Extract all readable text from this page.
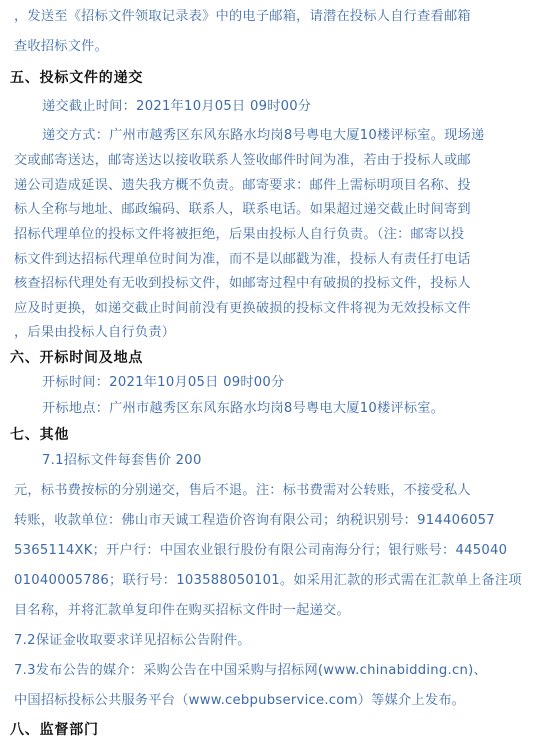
，发送至《招标文件领取记录表》中的电子邮箱，请潜在投标人自行查看邮箱
查收招标文件。
五、投标文件的递交
递交截止时间：2021年10月05日 09时00分
递交方式：广州市越秀区东风东路水均岗8号粤电大厦10楼评标室。现场递
交或邮寄送达，邮寄送达以接收联系人签收邮件时间为准，若由于投标人或邮
递公司造成延误、遗失我方概不负责。邮寄要求：邮件上需标明项目名称、投
标人全称与地址、邮政编码、联系人，联系电话。如果超过递交截止时间寄到
招标代理单位的投标文件将被拒绝，后果由投标人自行负责。（注：邮寄以投
标文件到达招标代理单位时间为准，而不是以邮戳为准，投标人有责任打电话
核查招标代理处有无收到投标文件，如邮寄过程中有破损的投标文件，投标人
应及时更换，如递交截止时间前没有更换破损的投标文件将视为无效投标文件
，后果由投标人自行负责）
六、开标时间及地点
开标时间：2021年10月05日 09时00分
开标地点：广州市越秀区东风东路水均岗8号粤电大厦10楼评标室。
七、其他
7.1招标文件每套售价 200
元，标书费按标的分别递交，售后不退。注：标书费需对公转账，不接受私人
转账，收款单位：佛山市天诚工程造价咨询有限公司；纳税识别号：914406057
5365114XK；开户行：中国农业银行股份有限公司南海分行；银行账号：445040
01040005786；联行号：103588050101。如采用汇款的形式需在汇款单上备注项
目名称，并将汇款单复印件在购买招标文件时一起递交。
7.2保证金收取要求详见招标公告附件。
7.3发布公告的媒介：采购公告在中国采购与招标网(www.chinabidding.cn)、
中国招标投标公共服务平台（www.cebpubservice.com）等媒介上发布。
八、监督部门
